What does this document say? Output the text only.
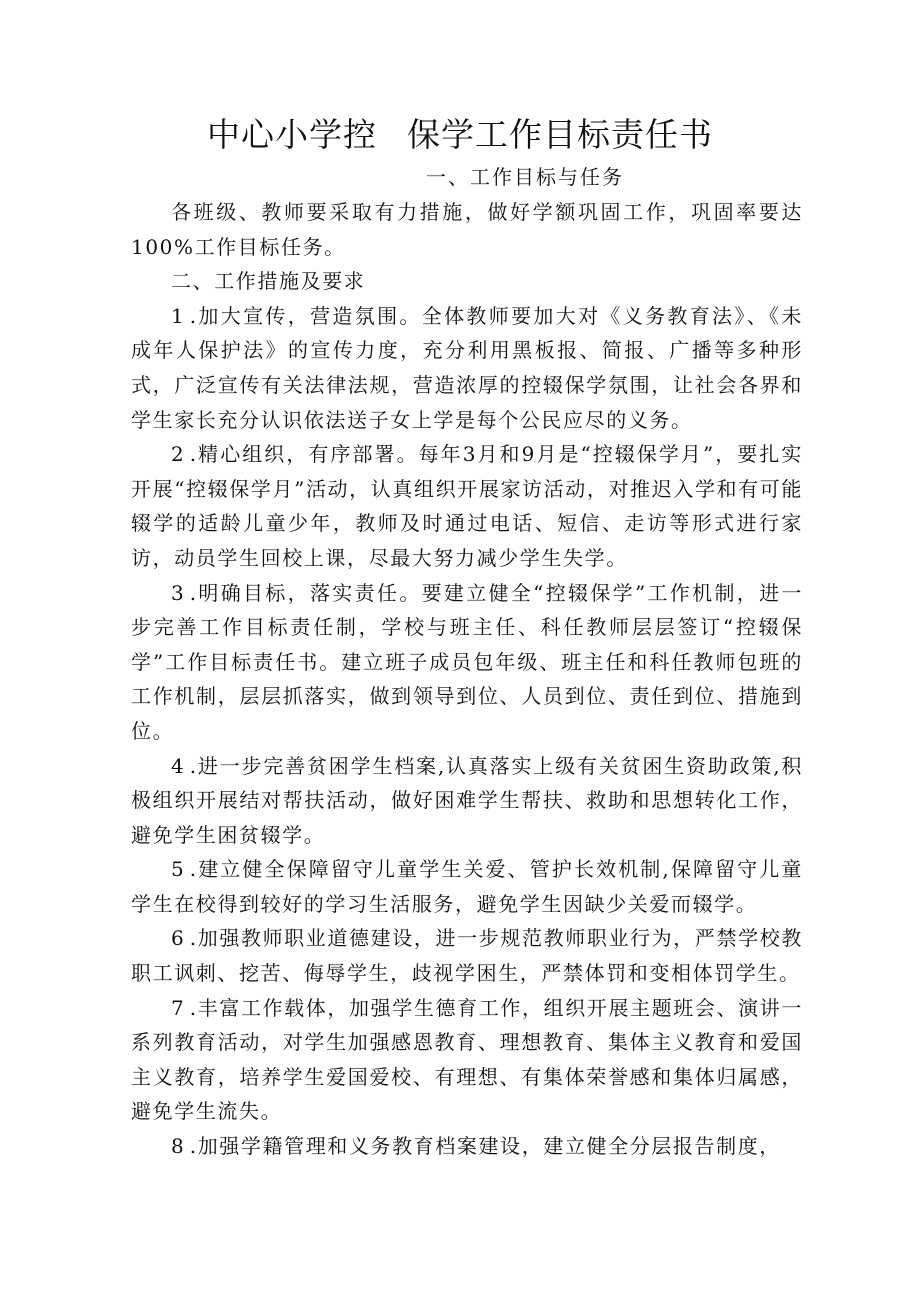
中心小学控 保学工作目标责任书
一、工作目标与任务

各班级、教师要采取有力措施，做好学额巩固工作，巩固率要达100%工作目标任务。

二、工作措施及要求

1.加大宣传，营造氛围。全体教师要加大对《义务教育法》、《未成年人保护法》的宣传力度，充分利用黑板报、简报、广播等多种形式，广泛宣传有关法律法规，营造浓厚的控辍保学氛围，让社会各界和学生家长充分认识依法送子女上学是每个公民应尽的义务。

2.精心组织，有序部署。每年3月和9月是“控辍保学月”，要扎实开展“控辍保学月”活动，认真组织开展家访活动，对推迟入学和有可能辍学的适龄儿童少年，教师及时通过电话、短信、走访等形式进行家访，动员学生回校上课，尽最大努力减少学生失学。

3.明确目标，落实责任。要建立健全“控辍保学”工作机制，进一步完善工作目标责任制，学校与班主任、科任教师层层签订“控辍保学”工作目标责任书。建立班子成员包年级、班主任和科任教师包班的工作机制，层层抓落实，做到领导到位、人员到位、责任到位、措施到位。

4.进一步完善贫困学生档案,认真落实上级有关贫困生资助政策,积极组织开展结对帮扶活动，做好困难学生帮扶、救助和思想转化工作，避免学生困贫辍学。

5.建立健全保障留守儿童学生关爱、管护长效机制,保障留守儿童学生在校得到较好的学习生活服务，避免学生因缺少关爱而辍学。

6.加强教师职业道德建设，进一步规范教师职业行为，严禁学校教职工讽刺、挖苦、侮辱学生，歧视学困生，严禁体罚和变相体罚学生。

7.丰富工作载体，加强学生德育工作，组织开展主题班会、演讲一系列教育活动，对学生加强感恩教育、理想教育、集体主义教育和爱国主义教育，培养学生爱国爱校、有理想、有集体荣誉感和集体归属感，避免学生流失。

8.加强学籍管理和义务教育档案建设，建立健全分层报告制度，
